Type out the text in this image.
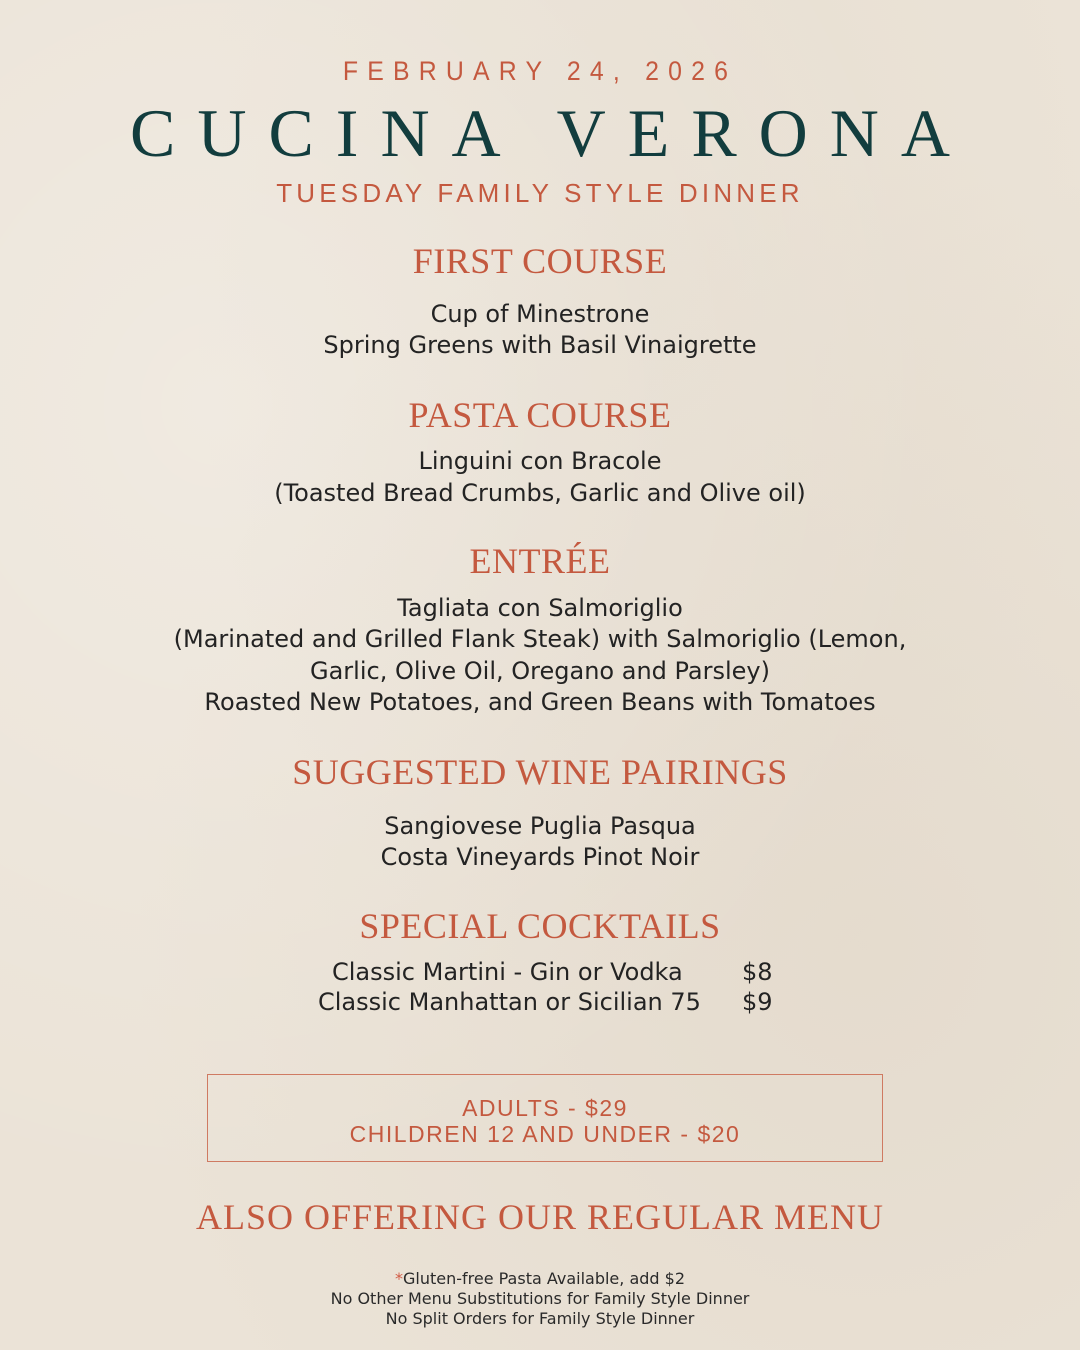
FEBRUARY 24, 2026
CUCINA VERONA
TUESDAY FAMILY STYLE DINNER
FIRST COURSE
Cup of Minestrone
Spring Greens with Basil Vinaigrette
PASTA COURSE
Linguini con Bracole
(Toasted Bread Crumbs, Garlic and Olive oil)
ENTRÉE
Tagliata con Salmoriglio
(Marinated and Grilled Flank Steak) with Salmoriglio (Lemon,
Garlic, Olive Oil, Oregano and Parsley)
Roasted New Potatoes, and Green Beans with Tomatoes
SUGGESTED WINE PAIRINGS
Sangiovese Puglia Pasqua
Costa Vineyards Pinot Noir
SPECIAL COCKTAILS
Classic Martini - Gin or Vodka $8
Classic Manhattan or Sicilian 75 $9
ADULTS - $29
CHILDREN 12 AND UNDER - $20
ALSO OFFERING OUR REGULAR MENU
*Gluten-free Pasta Available, add $2
No Other Menu Substitutions for Family Style Dinner
No Split Orders for Family Style Dinner
